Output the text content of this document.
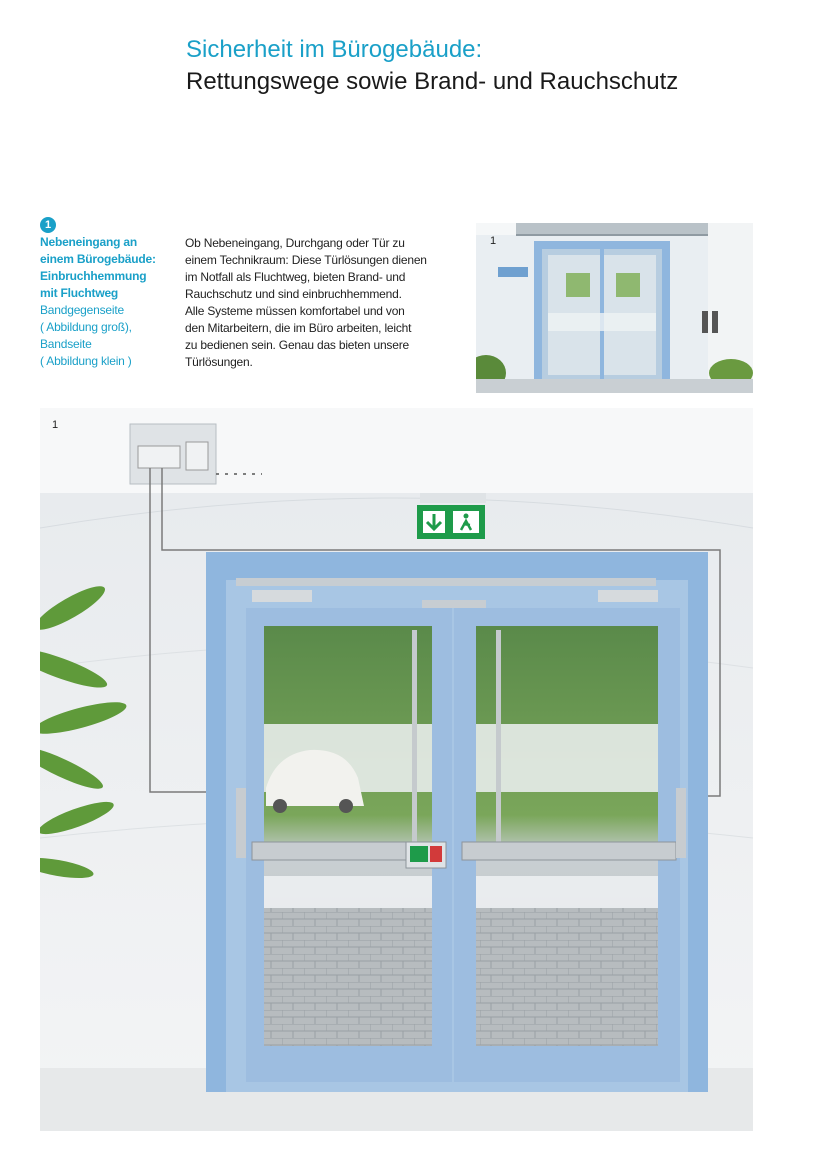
Sicherheit im Bürogebäude:
Rettungswege sowie Brand- und Rauchschutz
1
Nebeneingang an
einem Bürogebäude:
Einbruchhemmung
mit Fluchtweg
Bandgegenseite
( Abbildung groß),
Bandseite
( Abbildung klein )
Ob Nebeneingang, Durchgang oder Tür zu
einem Technikraum: Diese Türlösungen dienen
im Notfall als Fluchtweg, bieten Brand- und
Rauchschutz und sind einbruchhemmend.
Alle Systeme müssen komfortabel und von
den Mitarbeitern, die im Büro arbeiten, leicht
zu bedienen sein. Genau das bieten unsere
Türlösungen.
1
1
